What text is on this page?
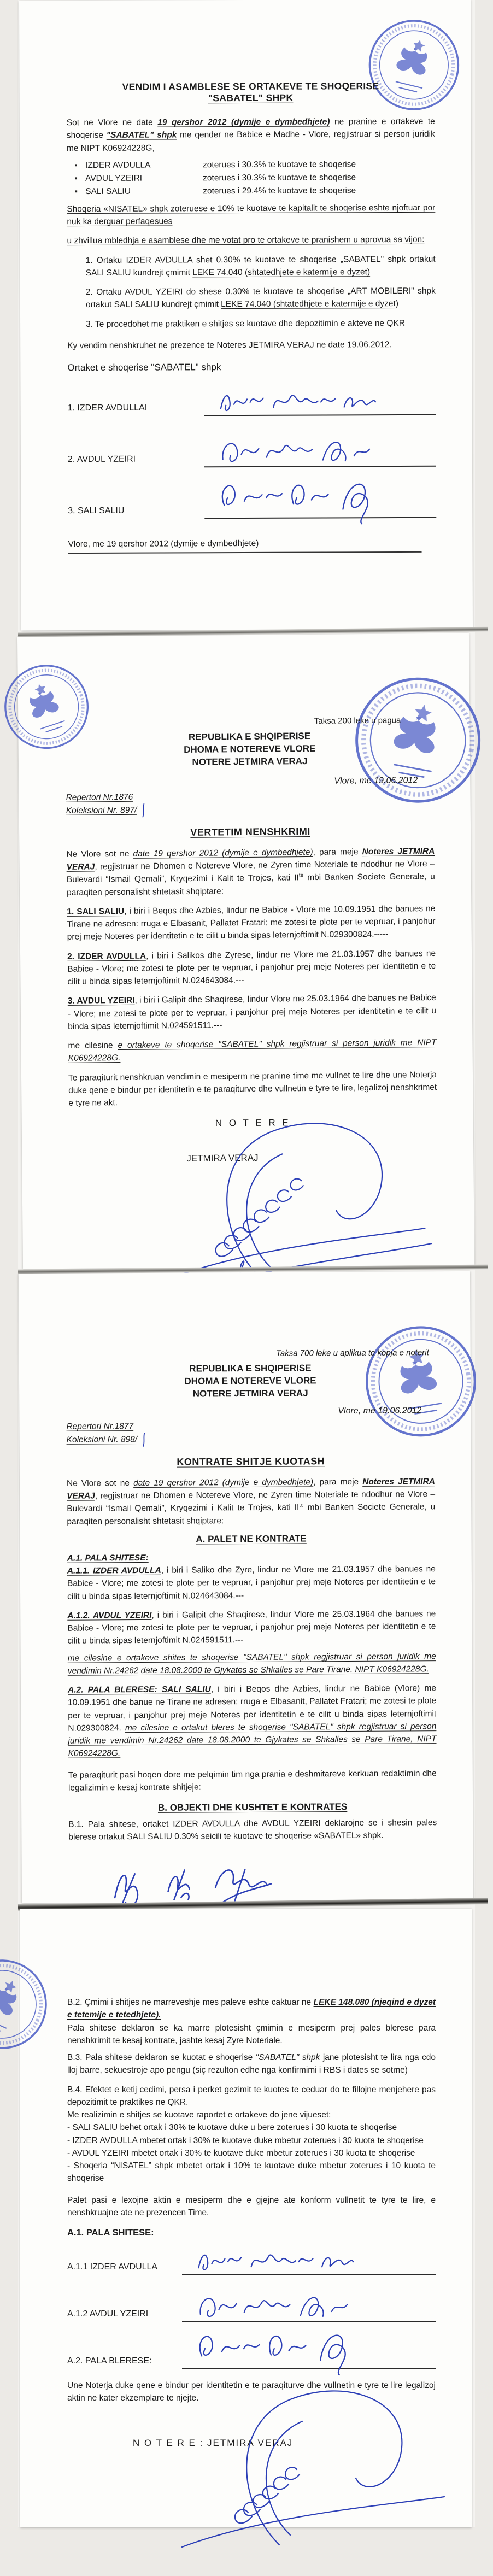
VENDIM I ASAMBLESE SE ORTAKEVE TE SHOQERISE

"SABATEL" SHPK

Sot ne Vlore ne date 19 qershor 2012 (dymije e dymbedhjete) ne pranine e ortakeve te shoqerise "SABATEL" shpk me qender ne Babice e Madhe - Vlore, regjistruar si person juridik me NIPT K06924228G,

▪ IZDER AVDULLA	zoterues i 30.3% te kuotave te shoqerise
▪ AVDUL YZEIRI	zoterues i 30.3% te kuotave te shoqerise
▪ SALI SALIU	zoterues i 29.4% te kuotave te shoqerise

Shoqeria «NISATEL» shpk zoteruese e 10% te kuotave te kapitalit te shoqerise eshte njoftuar por nuk ka derguar perfaqesues

u zhvillua mbledhja e asamblese dhe me votat pro te ortakeve te pranishem u aprovua sa vijon:

1. Ortaku IZDER AVDULLA shet 0.30% te kuotave te shoqerise „SABATEL" shpk ortakut SALI SALIU kundrejt çmimit LEKE 74.040 (shtatedhjete e katermije e dyzet)

2. Ortaku AVDUL YZEIRI do shese 0.30% te kuotave te shoqerise „ART MOBILERI" shpk ortakut SALI SALIU kundrejt çmimit LEKE 74.040 (shtatedhjete e katermije e dyzet)

3. Te procedohet me praktiken e shitjes se kuotave dhe depozitimin e akteve ne QKR

Ky vendim nenshkruhet ne prezence te Noteres JETMIRA VERAJ ne date 19.06.2012.

Ortaket e shoqerise "SABATEL" shpk

1. IZDER AVDULLAI
2. AVDUL YZEIRI
3. SALI SALIU

Vlore, me 19 qershor 2012 (dymije e dymbedhjete)

Taksa 200 leke u pagua

REPUBLIKA E SHQIPERISE

DHOMA E NOTEREVE VLORE

NOTERE JETMIRA VERAJ

Vlore, me 19.06.2012

Repertori Nr.1876

Koleksioni Nr. 897/

VERTETIM NENSHKRIMI

Ne Vlore sot ne date 19 qershor 2012 (dymije e dymbedhjete), para meje Noteres JETMIRA VERAJ, regjistruar ne Dhomen e Notereve Vlore, ne Zyren time Noteriale te ndodhur ne Vlore – Bulevardi “Ismail Qemali”, Kryqezimi i Kalit te Trojes, kati $II^{te}$ mbi Banken Societe Generale, u paraqiten personalisht shtetasit shqiptare:

1. SALI SALIU, i biri i Beqos dhe Azbies, lindur ne Babice - Vlore me 10.09.1951 dhe banues ne Tirane ne adresen: rruga e Elbasanit, Pallatet Fratari; me zotesi te plote per te vepruar, i panjohur prej meje Noteres per identitetin e te cilit u binda sipas leternjoftimit N.029300824.-----

2. IZDER AVDULLA, i biri i Salikos dhe Zyrese, lindur ne Vlore me 21.03.1957 dhe banues ne Babice - Vlore; me zotesi te plote per te vepruar, i panjohur prej meje Noteres per identitetin e te cilit u binda sipas leternjoftimit N.024643084.---

3. AVDUL YZEIRI, i biri i Galipit dhe Shaqirese, lindur Vlore me 25.03.1964 dhe banues ne Babice - Vlore; me zotesi te plote per te vepruar, i panjohur prej meje Noteres per identitetin e te cilit u binda sipas leternjoftimit N.024591511.---

me cilesine e ortakeve te shoqerise "SABATEL" shpk regjistruar si person juridik me NIPT K06924228G.

Te paraqiturit nenshkruan vendimin e mesiperm ne pranine time me vullnet te lire dhe une Noterja duke qene e bindur per identitetin e te paraqiturve dhe vullnetin e tyre te lire, legalizoj nenshkrimet e tyre ne akt.

N O T E R E

JETMIRA VERAJ

Taksa 700 leke u aplikua te kopja e noterit

REPUBLIKA E SHQIPERISE

DHOMA E NOTEREVE VLORE

NOTERE JETMIRA VERAJ

Vlore, me 19.06.2012

Repertori Nr.1877

Koleksioni Nr. 898/

KONTRATE SHITJE KUOTASH

Ne Vlore sot ne date 19 qershor 2012 (dymije e dymbedhjete), para meje Noteres JETMIRA VERAJ, regjistruar ne Dhomen e Notereve Vlore, ne Zyren time Noteriale te ndodhur ne Vlore – Bulevardi “Ismail Qemali”, Kryqezimi i Kalit te Trojes, kati $II^{te}$ mbi Banken Societe Generale, u paraqiten personalisht shtetasit shqiptare:

A. PALET NE KONTRATE

A.1. PALA SHITESE:

A.1.1. IZDER AVDULLA, i biri i Saliko dhe Zyre, lindur ne Vlore me 21.03.1957 dhe banues ne Babice - Vlore; me zotesi te plote per te vepruar, i panjohur prej meje Noteres per identitetin e te cilit u binda sipas leternjoftimit N.024643084.---

A.1.2. AVDUL YZEIRI, i biri i Galipit dhe Shaqirese, lindur Vlore me 25.03.1964 dhe banues ne Babice - Vlore; me zotesi te plote per te vepruar, i panjohur prej meje Noteres per identitetin e te cilit u binda sipas leternjoftimit N.024591511.---

me cilesine e ortakeve shites te shoqerise "SABATEL" shpk regjistruar si person juridik me vendimin Nr.24262 date 18.08.2000 te Gjykates se Shkalles se Pare Tirane, NIPT K06924228G.

A.2. PALA BLERESE: SALI SALIU, i biri i Beqos dhe Azbies, lindur ne Babice (Vlore) me 10.09.1951 dhe banue ne Tirane ne adresen: rruga e Elbasanit, Pallatet Fratari; me zotesi te plote per te vepruar, i panjohur prej meje Noteres per identitetin e te cilit u binda sipas leternjoftimit N.029300824. me cilesine e ortakut bleres te shoqerise "SABATEL" shpk regjistruar si person juridik me vendimin Nr.24262 date 18.08.2000 te Gjykates se Shkalles se Pare Tirane, NIPT K06924228G.

Te paraqiturit pasi hoqen dore me pelqimin tim nga prania e deshmitareve kerkuan redaktimin dhe legalizimin e kesaj kontrate shitjeje:

B. OBJEKTI DHE KUSHTET E KONTRATES

B.1. Pala shitese, ortaket IZDER AVDULLA dhe AVDUL YZEIRI deklarojne se i shesin pales blerese ortakut SALI SALIU 0.30% seicili te kuotave te shoqerise «SABATEL» shpk.

B.2. Çmimi i shitjes ne marreveshje mes paleve eshte caktuar ne LEKE 148.080 (njeqind e dyzet e tetemije e tetedhjete).

Pala shitese deklaron se ka marre plotesisht çmimin e mesiperm prej pales blerese para nenshkrimit te kesaj kontrate, jashte kesaj Zyre Noteriale.

B.3. Pala shitese deklaron se kuotat e shoqerise "SABATEL" shpk jane plotesisht te lira nga cdo lloj barre, sekuestroje apo pengu (siç rezulton edhe nga konfirmimi i RBS i dates se sotme)

B.4. Efektet e ketij cedimi, persa i perket gezimit te kuotes te ceduar do te fillojne menjehere pas depozitimit te praktikes ne QKR.

Me realizimin e shitjes se kuotave raportet e ortakeve do jene vijueset:

- SALI SALIU behet ortak i 30% te kuotave duke u bere zoterues i 30 kuota te shoqerise

- IZDER AVDULLA mbetet ortak i 30% te kuotave duke mbetur zoterues i 30 kuota te shoqerise

- AVDUL YZEIRI mbetet ortak i 30% te kuotave duke mbetur zoterues i 30 kuota te shoqerise

- Shoqeria “NISATEL” shpk mbetet ortak i 10% te kuotave duke mbetur zoterues i 10 kuota te shoqerise

Palet pasi e lexojne aktin e mesiperm dhe e gjejne ate konform vullnetit te tyre te lire, e nenshkruajne ate ne prezencen Time.

A.1. PALA SHITESE:

A.1.1 IZDER AVDULLA
A.1.2 AVDUL YZEIRI
A.2. PALA BLERESE:

Une Noterja duke qene e bindur per identitetin e te paraqiturve dhe vullnetin e tyre te lire legalizoj aktin ne kater ekzemplare te njejte.

N O T E R E : JETMIRA VERAJ
